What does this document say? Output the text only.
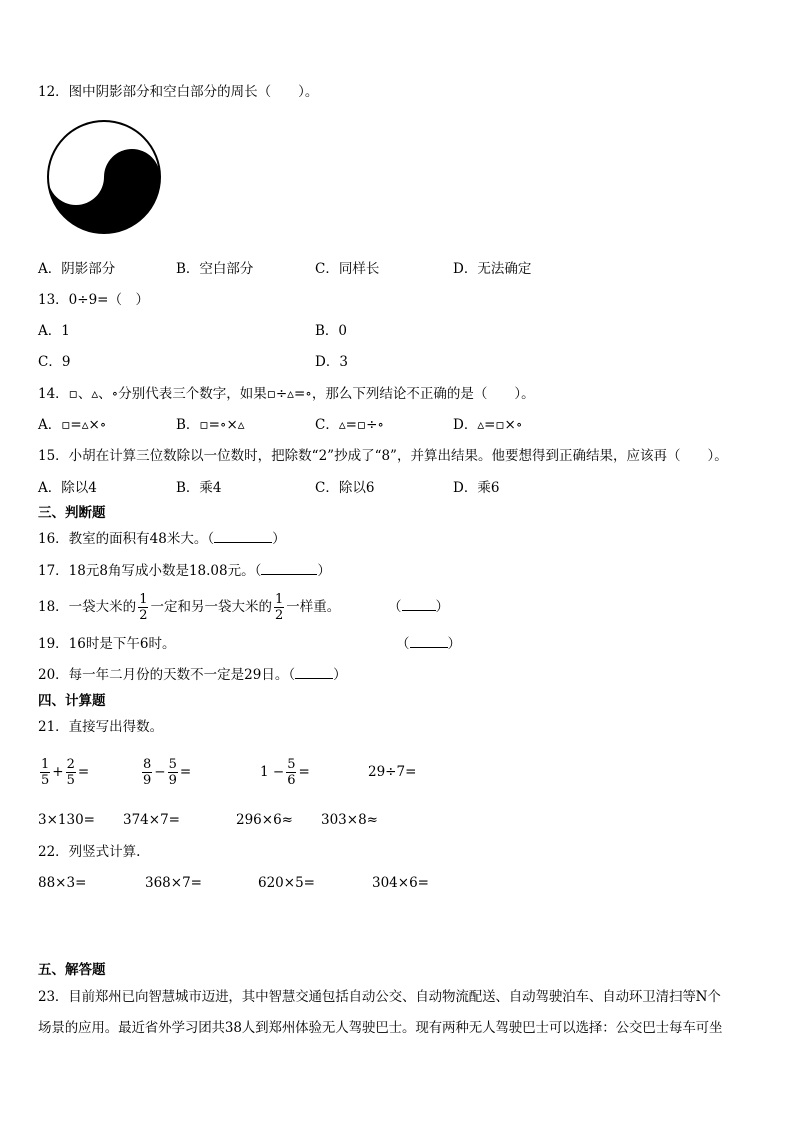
12．图中阴影部分和空白部分的周长（　　）。
A．阴影部分	B．空白部分	C．同样长	D．无法确定
13．0÷9=（　）
A．1	B．0
C．9	D．3
14．▫、▵、∘分别代表三个数字，如果▫÷▵=∘，那么下列结论不正确的是（　　）。
A．▫=▵×∘	B．▫=∘×▵	C．▵=▫÷∘	D．▵=▫×∘
15．小胡在计算三位数除以一位数时，把除数“2”抄成了“8”，并算出结果。他要想得到正确结果，应该再（　　）。
A．除以4	B．乘4	C．除以6	D．乘6
三、判断题
16．教室的面积有48米大。（	）
17．18元8角写成小数是18.08元。（	）
18．一袋大米的 $\frac{1}{2}$ 一定和另一袋大米的 $\frac{1}{2}$ 一样重。	（	）
19．16时是下午6时。	（	）
20．每一年二月份的天数不一定是29日。（	）
四、计算题
21．直接写出得数。
$\frac{1}{5} + \frac{2}{5}$ =	$\frac{8}{9} - \frac{5}{9}$ =	$1 - \frac{5}{6}$ =	29÷7=
3×130= 374×7=	296×6≈ 303×8≈
22．列竖式计算.
88×3=	368×7=	620×5=	304×6=
五、解答题
23．目前郑州已向智慧城市迈进，其中智慧交通包括自动公交、自动物流配送、自动驾驶泊车、自动环卫清扫等N个
场景的应用。最近省外学习团共38人到郑州体验无人驾驶巴士。现有两种无人驾驶巴士可以选择：公交巴士每车可坐
